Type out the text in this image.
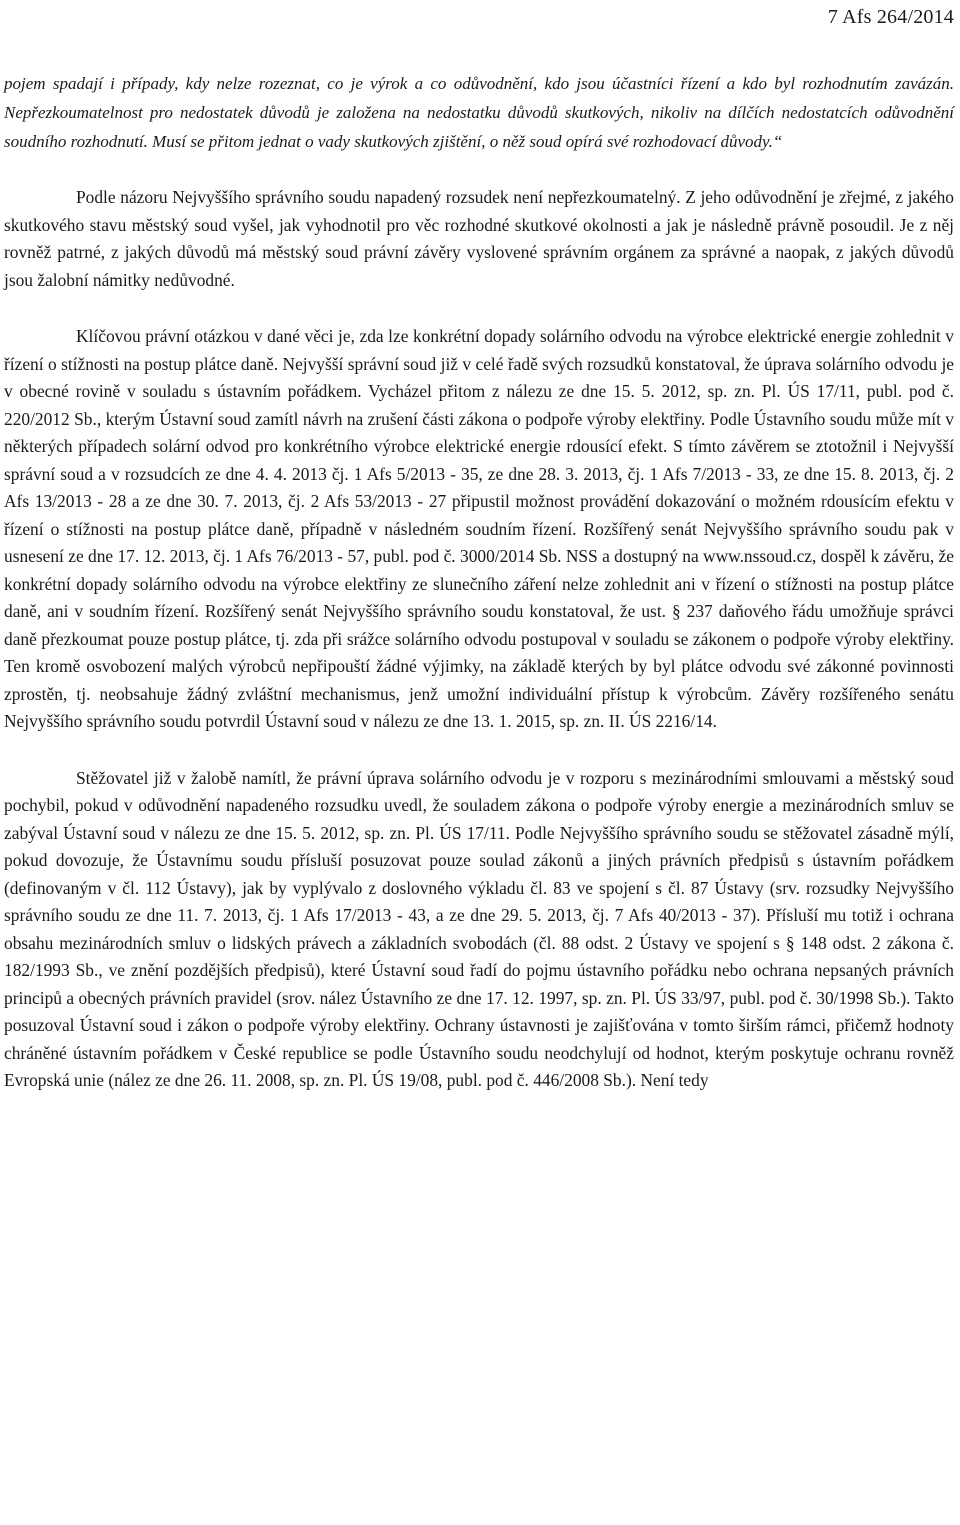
7 Afs 264/2014

pojem spadají i případy, kdy nelze rozeznat, co je výrok a co odůvodnění, kdo jsou účastníci řízení a kdo byl rozhodnutím zavázán. Nepřezkoumatelnost pro nedostatek důvodů je založena na nedostatku důvodů skutkových, nikoliv na dílčích nedostatcích odůvodnění soudního rozhodnutí. Musí se přitom jednat o vady skutkových zjištění, o něž soud opírá své rozhodovací důvody.“

Podle názoru Nejvyššího správního soudu napadený rozsudek není nepřezkoumatelný. Z jeho odůvodnění je zřejmé, z jakého skutkového stavu městský soud vyšel, jak vyhodnotil pro věc rozhodné skutkové okolnosti a jak je následně právně posoudil. Je z něj rovněž patrné, z jakých důvodů má městský soud právní závěry vyslovené správním orgánem za správné a naopak, z jakých důvodů jsou žalobní námitky nedůvodné.

Klíčovou právní otázkou v dané věci je, zda lze konkrétní dopady solárního odvodu na výrobce elektrické energie zohlednit v řízení o stížnosti na postup plátce daně. Nejvyšší správní soud již v celé řadě svých rozsudků konstatoval, že úprava solárního odvodu je v obecné rovině v souladu s ústavním pořádkem. Vycházel přitom z nálezu ze dne 15. 5. 2012, sp. zn. Pl. ÚS 17/11, publ. pod č. 220/2012 Sb., kterým Ústavní soud zamítl návrh na zrušení části zákona o podpoře výroby elektřiny. Podle Ústavního soudu může mít v některých případech solární odvod pro konkrétního výrobce elektrické energie rdousící efekt. S tímto závěrem se ztotožnil i Nejvyšší správní soud a v rozsudcích ze dne 4. 4. 2013 čj. 1 Afs 5/2013 - 35, ze dne 28. 3. 2013, čj. 1 Afs 7/2013 - 33, ze dne 15. 8. 2013, čj. 2 Afs 13/2013 - 28 a ze dne 30. 7. 2013, čj. 2 Afs 53/2013 - 27 připustil možnost provádění dokazování o možném rdousícím efektu v řízení o stížnosti na postup plátce daně, případně v následném soudním řízení. Rozšířený senát Nejvyššího správního soudu pak v usnesení ze dne 17. 12. 2013, čj. 1 Afs 76/2013 - 57, publ. pod č. 3000/2014 Sb. NSS a dostupný na www.nssoud.cz, dospěl k závěru, že konkrétní dopady solárního odvodu na výrobce elektřiny ze slunečního záření nelze zohlednit ani v řízení o stížnosti na postup plátce daně, ani v soudním řízení. Rozšířený senát Nejvyššího správního soudu konstatoval, že ust. § 237 daňového řádu umožňuje správci daně přezkoumat pouze postup plátce, tj. zda při srážce solárního odvodu postupoval v souladu se zákonem o podpoře výroby elektřiny. Ten kromě osvobození malých výrobců nepřipouští žádné výjimky, na základě kterých by byl plátce odvodu své zákonné povinnosti zprostěn, tj. neobsahuje žádný zvláštní mechanismus, jenž umožní individuální přístup k výrobcům. Závěry rozšířeného senátu Nejvyššího správního soudu potvrdil Ústavní soud v nálezu ze dne 13. 1. 2015, sp. zn. II. ÚS 2216/14.

Stěžovatel již v žalobě namítl, že právní úprava solárního odvodu je v rozporu s mezinárodními smlouvami a městský soud pochybil, pokud v odůvodnění napadeného rozsudku uvedl, že souladem zákona o podpoře výroby energie a mezinárodních smluv se zabýval Ústavní soud v nálezu ze dne 15. 5. 2012, sp. zn. Pl. ÚS 17/11. Podle Nejvyššího správního soudu se stěžovatel zásadně mýlí, pokud dovozuje, že Ústavnímu soudu přísluší posuzovat pouze soulad zákonů a jiných právních předpisů s ústavním pořádkem (definovaným v čl. 112 Ústavy), jak by vyplývalo z doslovného výkladu čl. 83 ve spojení s čl. 87 Ústavy (srv. rozsudky Nejvyššího správního soudu ze dne 11. 7. 2013, čj. 1 Afs 17/2013 - 43, a ze dne 29. 5. 2013, čj. 7 Afs 40/2013 - 37). Přísluší mu totiž i ochrana obsahu mezinárodních smluv o lidských právech a základních svobodách (čl. 88 odst. 2 Ústavy ve spojení s § 148 odst. 2 zákona č. 182/1993 Sb., ve znění pozdějších předpisů), které Ústavní soud řadí do pojmu ústavního pořádku nebo ochrana nepsaných právních principů a obecných právních pravidel (srov. nález Ústavního ze dne 17. 12. 1997, sp. zn. Pl. ÚS 33/97, publ. pod č. 30/1998 Sb.). Takto posuzoval Ústavní soud i zákon o podpoře výroby elektřiny. Ochrany ústavnosti je zajišťována v tomto širším rámci, přičemž hodnoty chráněné ústavním pořádkem v České republice se podle Ústavního soudu neodchylují od hodnot, kterým poskytuje ochranu rovněž Evropská unie (nález ze dne 26. 11. 2008, sp. zn. Pl. ÚS 19/08, publ. pod č. 446/2008 Sb.). Není tedy
